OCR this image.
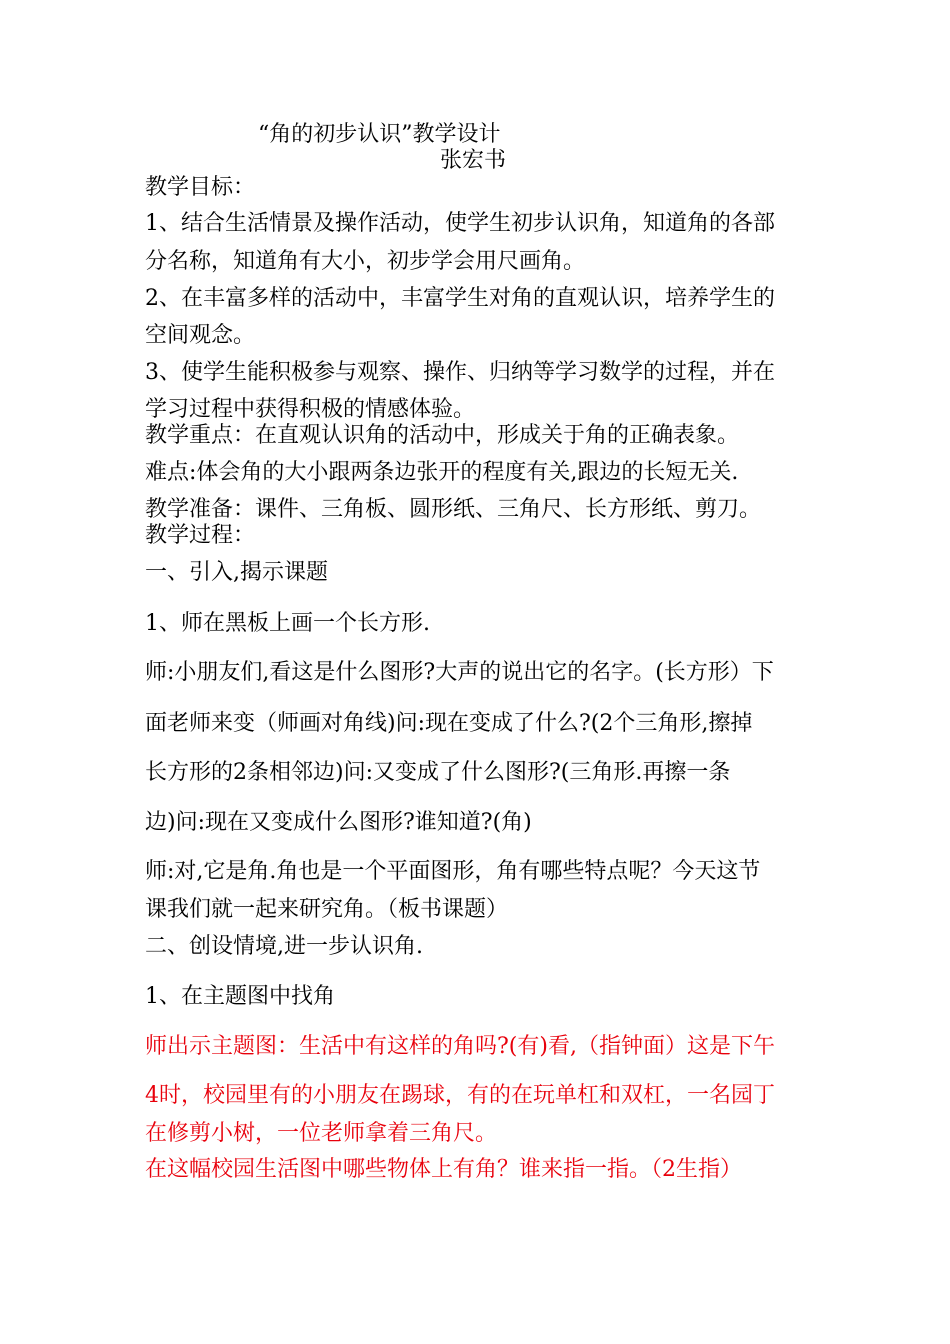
“角的初步认识”教学设计
张宏书
教学目标：
1、结合生活情景及操作活动，使学生初步认识角，知道角的各部
分名称，知道角有大小，初步学会用尺画角。
2、在丰富多样的活动中，丰富学生对角的直观认识，培养学生的
空间观念。
3、使学生能积极参与观察、操作、归纳等学习数学的过程，并在
学习过程中获得积极的情感体验。
教学重点：在直观认识角的活动中，形成关于角的正确表象。
难点:体会角的大小跟两条边张开的程度有关,跟边的长短无关.
教学准备：课件、三角板、圆形纸、三角尺、长方形纸、剪刀。
教学过程：
一、引入,揭示课题
1、师在黑板上画一个长方形.
师:小朋友们,看这是什么图形?大声的说出它的名字。(长方形）下
面老师来变（师画对角线)问:现在变成了什么?(2个三角形,擦掉
长方形的2条相邻边)问:又变成了什么图形?(三角形.再擦一条
边)问:现在又变成什么图形?谁知道?(角)
师:对,它是角.角也是一个平面图形，角有哪些特点呢？今天这节
课我们就一起来研究角。（板书课题）
二、创设情境,进一步认识角.
1、在主题图中找角
师出示主题图：生活中有这样的角吗?(有)看,（指钟面）这是下午
4时，校园里有的小朋友在踢球，有的在玩单杠和双杠，一名园丁
在修剪小树，一位老师拿着三角尺。
在这幅校园生活图中哪些物体上有角？谁来指一指。（2生指）
